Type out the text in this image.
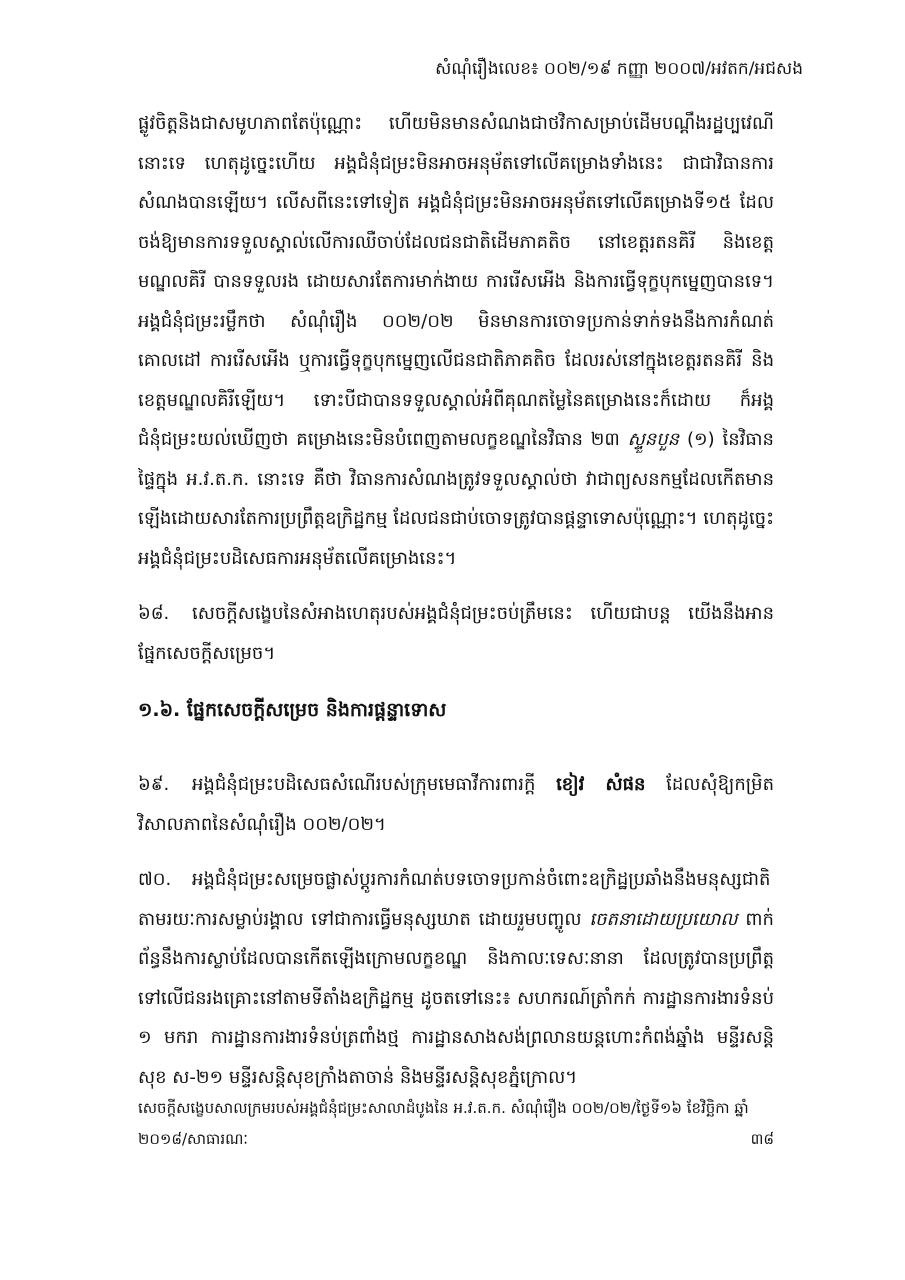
សំណុំរឿងលេខ៖ ០០២/១៩ កញ្ញា ២០០៧/អវតក/អជសង

ផ្លូវចិត្តនិងជាសមូហភាពតែប៉ុណ្ណោះ ហើយមិនមានសំណងជាថវិកាសម្រាប់ដើមបណ្ដឹងរដ្ឋប្បវេណីនោះទេ ហេតុដូច្នេះហើយ អង្គជំនុំជម្រះមិនអាចអនុម័តទៅលើគម្រោងទាំងនេះ ជាជាវិធានការសំណងបានឡើយ។ លើសពីនេះទៅទៀត អង្គជំនុំជម្រះមិនអាចអនុម័តទៅលើគម្រោងទី១៥ ដែលចង់ឱ្យមានការទទួលស្គាល់លើការឈឺចាប់ដែលជនជាតិដើមភាគតិច នៅខេត្តរតនគិរី និងខេត្តមណ្ឌលគិរី បានទទួលរង ដោយសារតែការមាក់ងាយ ការរើសអើង និងការធ្វើទុក្ខបុកម្នេញបានទេ។ អង្គជំនុំជម្រះរម្លឹកថា សំណុំរឿង ០០២/០២ មិនមានការចោទប្រកាន់ទាក់ទងនឹងការកំណត់គោលដៅ ការរើសអើង ឬការធ្វើទុក្ខបុកម្នេញលើជនជាតិភាគតិច ដែលរស់នៅក្នុងខេត្តរតនគិរី និងខេត្តមណ្ឌលគិរីឡើយ។ ទោះបីជាបានទទួលស្គាល់អំពីគុណតម្លៃនៃគម្រោងនេះក៏ដោយ ក៏អង្គជំនុំជម្រះយល់ឃើញថា គម្រោងនេះមិនបំពេញតាមលក្ខខណ្ឌនៃវិធាន ២៣ ស្ទួនបួន (១) នៃវិធានផ្ទៃក្នុង អ.វ.ត.ក. នោះទេ គឺថា វិធានការសំណងត្រូវទទួលស្គាល់ថា វាជាព្យសនកម្មដែលកើតមានឡើងដោយសារតែការប្រព្រឹត្តឧក្រិដ្ឋកម្ម ដែលជនជាប់ចោទត្រូវបានផ្ដន្ទាទោសប៉ុណ្ណោះ។ ហេតុដូច្នេះ អង្គជំនុំជម្រះបដិសេធការអនុម័តលើគម្រោងនេះ។

៦៨. សេចក្ដីសង្ខេបនៃសំអាងហេតុរបស់អង្គជំនុំជម្រះចប់ត្រឹមនេះ ហើយជាបន្ត យើងនឹងអានផ្នែកសេចក្ដីសម្រេច។

១.៦. ផ្នែកសេចក្ដីសម្រេច និងការផ្ដន្ទាទោស

៦៩. អង្គជំនុំជម្រះបដិសេធសំណើរបស់ក្រុមមេធាវីការពារក្ដី ខៀវ សំផន ដែលសុំឱ្យកម្រិតវិសាលភាពនៃសំណុំរឿង ០០២/០២។

៧០. អង្គជំនុំជម្រះសម្រេចផ្លាស់ប្ដូរការកំណត់បទចោទប្រកាន់ចំពោះឧក្រិដ្ឋប្រឆាំងនឹងមនុស្សជាតិ តាមរយៈការសម្លាប់រង្គាល ទៅជាការធ្វើមនុស្សឃាត ដោយរួមបញ្ចូល ចេតនាដោយប្រយោល ពាក់ព័ន្ធនឹងការស្លាប់ដែលបានកើតឡើងក្រោមលក្ខខណ្ឌ និងកាលៈទេសៈនានា ដែលត្រូវបានប្រព្រឹត្តទៅលើជនរងគ្រោះនៅតាមទីតាំងឧក្រិដ្ឋកម្ម ដូចតទៅនេះ៖ សហករណ៍ត្រាំកក់ ការដ្ឋានការងារទំនប់ ១ មករា ការដ្ឋានការងារទំនប់ត្រពាំងថ្ម ការដ្ឋានសាងសង់ព្រលានយន្តហោះកំពង់ឆ្នាំង មន្ទីរសន្តិសុខ ស-២១ មន្ទីរសន្តិសុខក្រាំងតាចាន់ និងមន្ទីរសន្តិសុខភ្នំក្រោល។

សេចក្ដីសង្ខេបសាលក្រមរបស់អង្គជំនុំជម្រះសាលាដំបូងនៃ អ.វ.ត.ក. សំណុំរឿង ០០២/០២/ថ្ងៃទី១៦ ខែវិច្ឆិកា ឆ្នាំ
២០១៨/សាធារណៈ	៣៨
